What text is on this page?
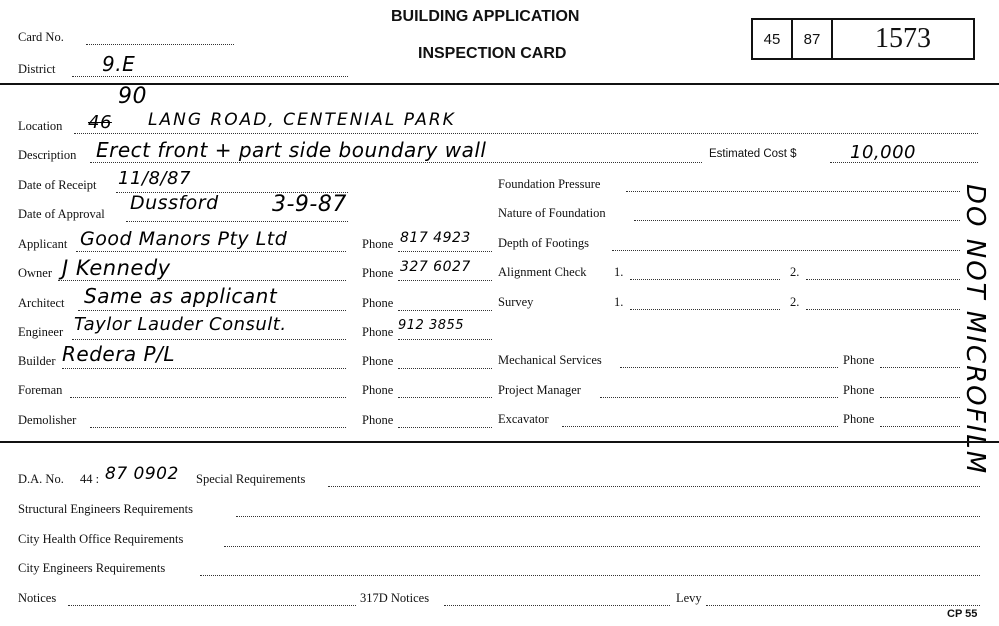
Card No.
District 9.E
BUILDING APPLICATION
INSPECTION CARD
45	87	1573
Location 46
90
LANG ROAD, CENTENIAL PARK
Description Erect front + part side boundary wall	Estimated Cost $	10,000
Date of Receipt 11/8/87
Date of Approval Dussford 3-9-87
Applicant Good Manors Pty Ltd	Phone 817 4923
Owner J Kennedy	Phone 327 6027
Architect Same as applicant	Phone
Engineer Taylor Lauder Consult.	Phone 912 3855
Builder Redera P/L	Phone
Foreman	Phone
Demolisher	Phone
Foundation Pressure
Nature of Foundation
Depth of Footings
Alignment Check 1.	2.
Survey	1.	2.
Mechanical Services	Phone
Project Manager	Phone
Excavator	Phone	DO NOT MICROFILM
D.A. No. 44 : 87 0902 Special Requirements
Structural Engineers Requirements
City Health Office Requirements
City Engineers Requirements
Notices	317D Notices	Levy
CP 55
